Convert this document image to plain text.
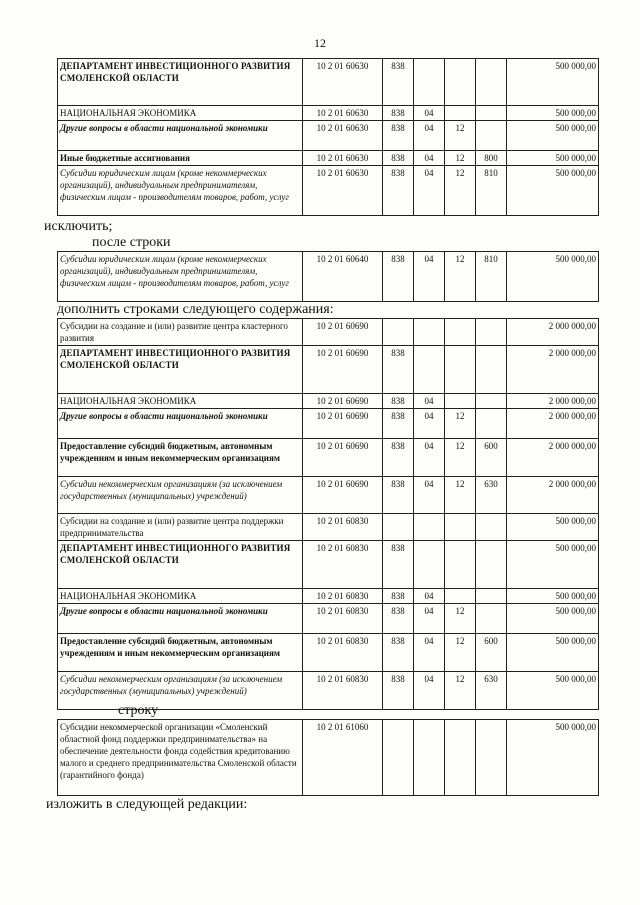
12
ДЕПАРТАМЕНТ ИНВЕСТИЦИОННОГО РАЗВИТИЯ СМОЛЕНСКОЙ ОБЛАСТИ	10 2 01 60630	838				500 000,00
НАЦИОНАЛЬНАЯ ЭКОНОМИКА	10 2 01 60630	838	04			500 000,00
Другие вопросы в области национальной экономики	10 2 01 60630	838	04	12		500 000,00
Иные бюджетные ассигнования	10 2 01 60630	838	04	12	800	500 000,00
Субсидии юридическим лицам (кроме некоммерческих организаций), индивидуальным предпринимателям, физическим лицам - производителям товаров, работ, услуг	10 2 01 60630	838	04	12	810	500 000,00
исключить;
после строки
Субсидии юридическим лицам (кроме некоммерческих организаций), индивидуальным предпринимателям, физическим лицам - производителям товаров, работ, услуг	10 2 01 60640	838	04	12	810	500 000,00
дополнить строками следующего содержания:
Субсидии на создание и (или) развитие центра кластерного развития	10 2 01 60690					2 000 000,00
ДЕПАРТАМЕНТ ИНВЕСТИЦИОННОГО РАЗВИТИЯ СМОЛЕНСКОЙ ОБЛАСТИ	10 2 01 60690	838				2 000 000,00
НАЦИОНАЛЬНАЯ ЭКОНОМИКА	10 2 01 60690	838	04			2 000 000,00
Другие вопросы в области национальной экономики	10 2 01 60690	838	04	12		2 000 000,00
Предоставление субсидий бюджетным, автономным учреждениям и иным некоммерческим организациям	10 2 01 60690	838	04	12	600	2 000 000,00
Субсидии некоммерческим организациям (за исключением государственных (муниципальных) учреждений)	10 2 01 60690	838	04	12	630	2 000 000,00
Субсидии на создание и (или) развитие центра поддержки предпринимательства	10 2 01 60830					500 000,00
ДЕПАРТАМЕНТ ИНВЕСТИЦИОННОГО РАЗВИТИЯ СМОЛЕНСКОЙ ОБЛАСТИ	10 2 01 60830	838				500 000,00
НАЦИОНАЛЬНАЯ ЭКОНОМИКА	10 2 01 60830	838	04			500 000,00
Другие вопросы в области национальной экономики	10 2 01 60830	838	04	12		500 000,00
Предоставление субсидий бюджетным, автономным учреждениям и иным некоммерческим организациям	10 2 01 60830	838	04	12	600	500 000,00
Субсидии некоммерческим организациям (за исключением государственных (муниципальных) учреждений)	10 2 01 60830	838	04	12	630	500 000,00
строку
Субсидии некоммерческой организации «Смоленский областной фонд поддержки предпринимательства» на обеспечение деятельности фонда содействия кредитованию малого и среднего предпринимательства Смоленской области (гарантийного фонда)	10 2 01 61060					500 000,00
изложить в следующей редакции:
